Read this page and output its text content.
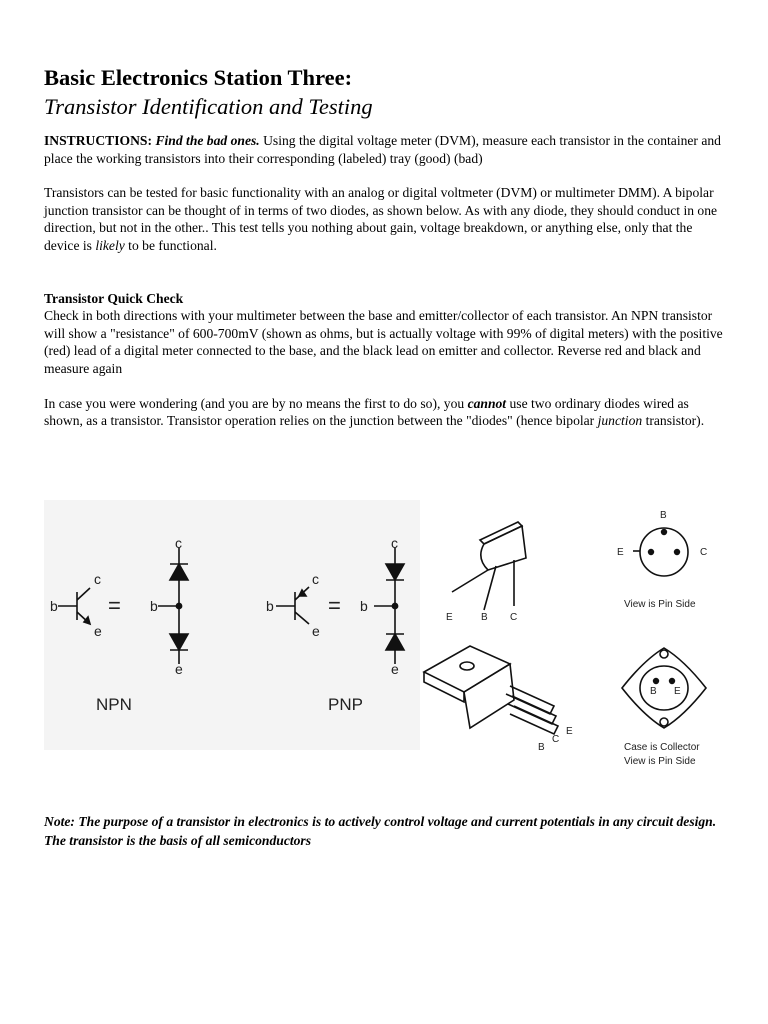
Basic Electronics Station Three:
Transistor Identification and Testing

INSTRUCTIONS: Find the bad ones. Using the digital voltage meter (DVM), measure each transistor in the container and place the working transistors into their corresponding (labeled) tray (good) (bad)

Transistors can be tested for basic functionality with an analog or digital voltmeter (DVM) or multimeter DMM). A bipolar junction transistor can be thought of in terms of two diodes, as shown below. As with any diode, they should conduct in one direction, but not in the other.. This test tells you nothing about gain, voltage breakdown, or anything else, only that the device is likely to be functional.

Transistor Quick Check

Check in both directions with your multimeter between the base and emitter/collector of each transistor. An NPN transistor will show a "resistance" of 600-700mV (shown as ohms, but is actually voltage with 99% of digital meters) with the positive (red) lead of a digital meter connected to the base, and the black lead on emitter and collector. Reverse red and black and measure again

In case you were wondering (and you are by no means the first to do so), you cannot use two ordinary diodes wired as shown, as a transistor. Transistor operation relies on the junction between the "diodes" (hence bipolar junction transistor).

b
c
e
= b
c
e
NPN
b
c
e
= b
c
e
PNP
E	B C
B
C
E
B
E	C
View is Pin Side
B E
Case is Collector
View is Pin Side

Note: The purpose of a transistor in electronics is to actively control voltage and current potentials in any circuit design. The transistor is the basis of all semiconductors
